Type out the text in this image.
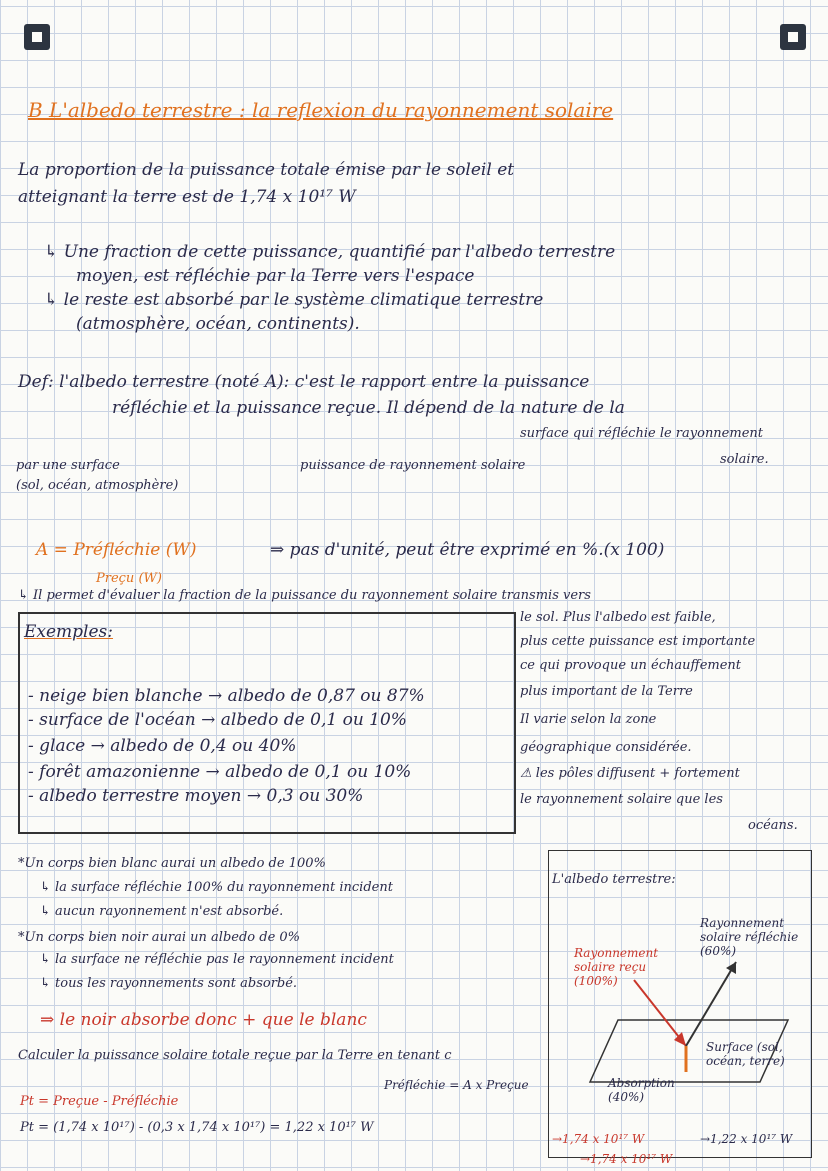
B L'albedo terrestre : la reflexion du rayonnement solaire
La proportion de la puissance totale émise par le soleil et
atteignant la terre est de 1,74 x 10¹⁷ W
↳ Une fraction de cette puissance, quantifié par l'albedo terrestre
moyen, est réfléchie par la Terre vers l'espace
↳ le reste est absorbé par le système climatique terrestre
(atmosphère, océan, continents).
Def: l'albedo terrestre (noté A): c'est le rapport entre la puissance
réfléchie et la puissance reçue. Il dépend de la nature de la
surface qui réfléchie le rayonnement
solaire.
par une surface
(sol, océan, atmosphère)
puissance de rayonnement solaire
A = Préfléchie (W)
Preçu (W)
⇒ pas d'unité, peut être exprimé en %.(x 100)
↳ Il permet d'évaluer la fraction de la puissance du rayonnement solaire transmis vers
Exemples:
- neige bien blanche → albedo de 0,87 ou 87%
- surface de l'océan → albedo de 0,1 ou 10%
- glace → albedo de 0,4 ou 40%
- forêt amazonienne → albedo de 0,1 ou 10%
- albedo terrestre moyen → 0,3 ou 30%
le sol. Plus l'albedo est faible,
plus cette puissance est importante
ce qui provoque un échauffement
plus important de la Terre
Il varie selon la zone
géographique considérée.
⚠ les pôles diffusent + fortement
le rayonnement solaire que les
océans.
*Un corps bien blanc aurai un albedo de 100%
↳ la surface réfléchie 100% du rayonnement incident
↳ aucun rayonnement n'est absorbé.
*Un corps bien noir aurai un albedo de 0%
↳ la surface ne réfléchie pas le rayonnement incident
↳ tous les rayonnements sont absorbé.
⇒ le noir absorbe donc + que le blanc
Calculer la puissance solaire totale reçue par la Terre en tenant c
Pt = Preçue - Préfléchie
Préfléchie = A x Preçue
Pt = (1,74 x 10¹⁷) - (0,3 x 1,74 x 10¹⁷) = 1,22 x 10¹⁷ W
L'albedo terrestre:
Rayonnement solaire reçu (100%)
Rayonnement solaire réfléchie (60%)
Surface (sol, océan, terre)
Absorption (40%)
→1,74 x 10¹⁷ W	→1,22 x 10¹⁷ W
→1,74 x 10¹⁷ W
